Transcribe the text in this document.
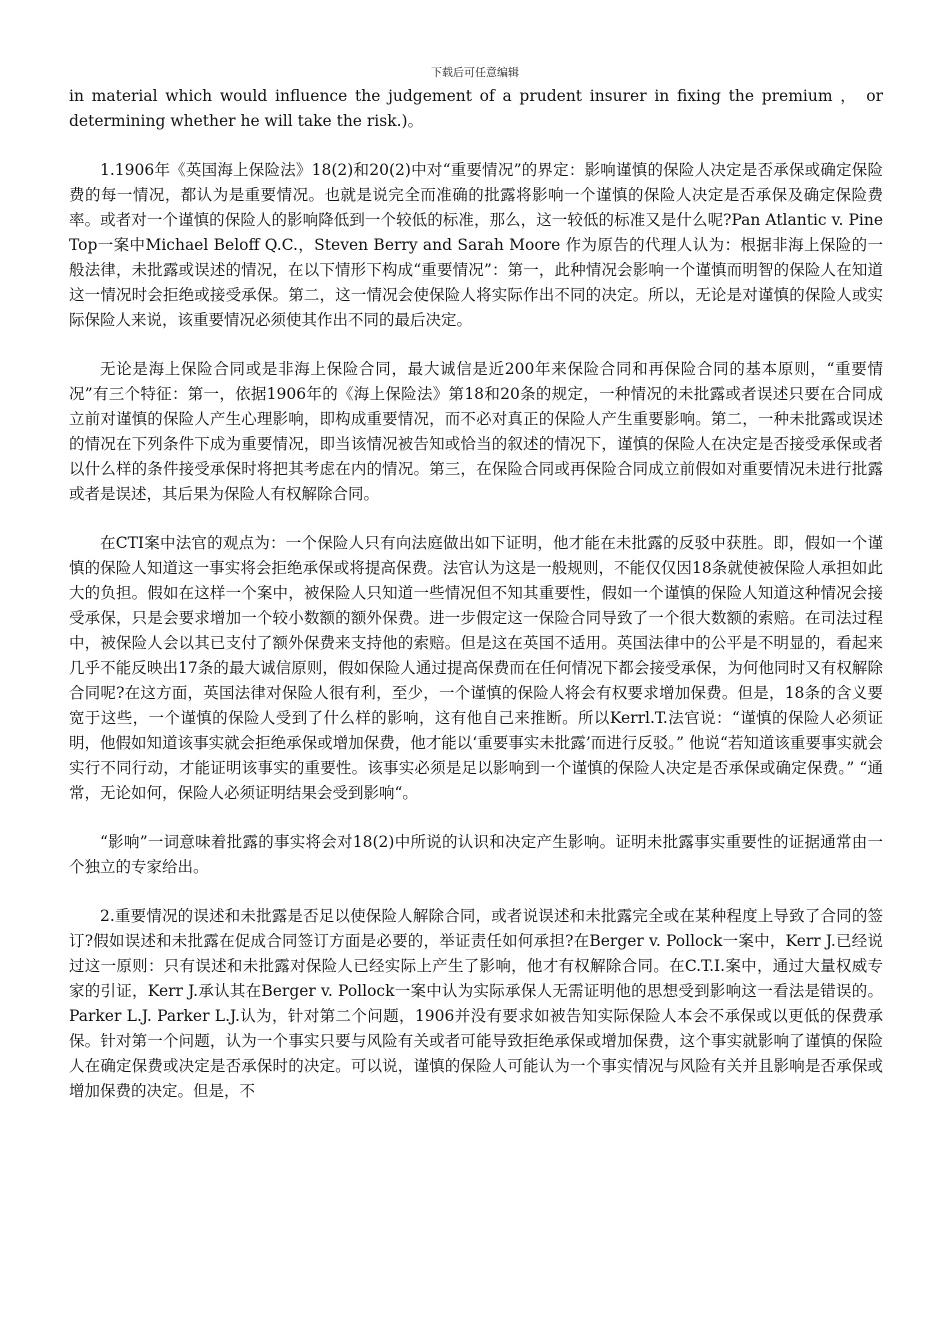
下载后可任意编辑

in material which would influence the judgement of a prudent insurer in fixing the premium ， or determining whether he will take the risk.)。

1.1906年《英国海上保险法》18(2)和20(2)中对“重要情况”的界定：影响谨慎的保险人决定是否承保或确定保险费的每一情况，都认为是重要情况。也就是说完全而准确的批露将影响一个谨慎的保险人决定是否承保及确定保险费率。或者对一个谨慎的保险人的影响降低到一个较低的标准，那么，这一较低的标准又是什么呢?Pan Atlantic v. Pine Top一案中Michael Beloff Q.C.，Steven Berry and Sarah Moore 作为原告的代理人认为：根据非海上保险的一般法律，未批露或误述的情况，在以下情形下构成“重要情况”：第一，此种情况会影响一个谨慎而明智的保险人在知道这一情况时会拒绝或接受承保。第二，这一情况会使保险人将实际作出不同的决定。所以，无论是对谨慎的保险人或实际保险人来说，该重要情况必须使其作出不同的最后决定。

无论是海上保险合同或是非海上保险合同，最大诚信是近200年来保险合同和再保险合同的基本原则，“重要情况”有三个特征：第一，依据1906年的《海上保险法》第18和20条的规定，一种情况的未批露或者误述只要在合同成立前对谨慎的保险人产生心理影响，即构成重要情况，而不必对真正的保险人产生重要影响。第二，一种未批露或误述的情况在下列条件下成为重要情况，即当该情况被告知或恰当的叙述的情况下，谨慎的保险人在决定是否接受承保或者以什么样的条件接受承保时将把其考虑在内的情况。第三，在保险合同或再保险合同成立前假如对重要情况未进行批露或者是误述，其后果为保险人有权解除合同。

在CTI案中法官的观点为：一个保险人只有向法庭做出如下证明，他才能在未批露的反驳中获胜。即，假如一个谨慎的保险人知道这一事实将会拒绝承保或将提高保费。法官认为这是一般规则，不能仅仅因18条就使被保险人承担如此大的负担。假如在这样一个案中，被保险人只知道一些情况但不知其重要性，假如一个谨慎的保险人知道这种情况会接受承保，只是会要求增加一个较小数额的额外保费。进一步假定这一保险合同导致了一个很大数额的索赔。在司法过程中，被保险人会以其已支付了额外保费来支持他的索赔。但是这在英国不适用。英国法律中的公平是不明显的，看起来几乎不能反映出17条的最大诚信原则，假如保险人通过提高保费而在任何情况下都会接受承保，为何他同时又有权解除合同呢?在这方面，英国法律对保险人很有利，至少，一个谨慎的保险人将会有权要求增加保费。但是，18条的含义要宽于这些，一个谨慎的保险人受到了什么样的影响，这有他自己来推断。所以Kerrl.T.法官说：“谨慎的保险人必须证明，他假如知道该事实就会拒绝承保或增加保费，他才能以‘重要事实未批露’而进行反驳。” 他说“若知道该重要事实就会实行不同行动，才能证明该事实的重要性。该事实必须是足以影响到一个谨慎的保险人决定是否承保或确定保费。” “通常，无论如何，保险人必须证明结果会受到影响“。

“影响”一词意味着批露的事实将会对18(2)中所说的认识和决定产生影响。证明未批露事实重要性的证据通常由一个独立的专家给出。

2.重要情况的误述和未批露是否足以使保险人解除合同，或者说误述和未批露完全或在某种程度上导致了合同的签订?假如误述和未批露在促成合同签订方面是必要的，举证责任如何承担?在Berger v. Pollock一案中，Kerr J.已经说过这一原则：只有误述和未批露对保险人已经实际上产生了影响，他才有权解除合同。在C.T.I.案中，通过大量权威专家的引证，Kerr J.承认其在Berger v. Pollock一案中认为实际承保人无需证明他的思想受到影响这一看法是错误的。Parker L.J. Parker L.J.认为，针对第二个问题，1906并没有要求如被告知实际保险人本会不承保或以更低的保费承保。针对第一个问题，认为一个事实只要与风险有关或者可能导致拒绝承保或增加保费，这个事实就影响了谨慎的保险人在确定保费或决定是否承保时的决定。可以说，谨慎的保险人可能认为一个事实情况与风险有关并且影响是否承保或增加保费的决定。但是，不
